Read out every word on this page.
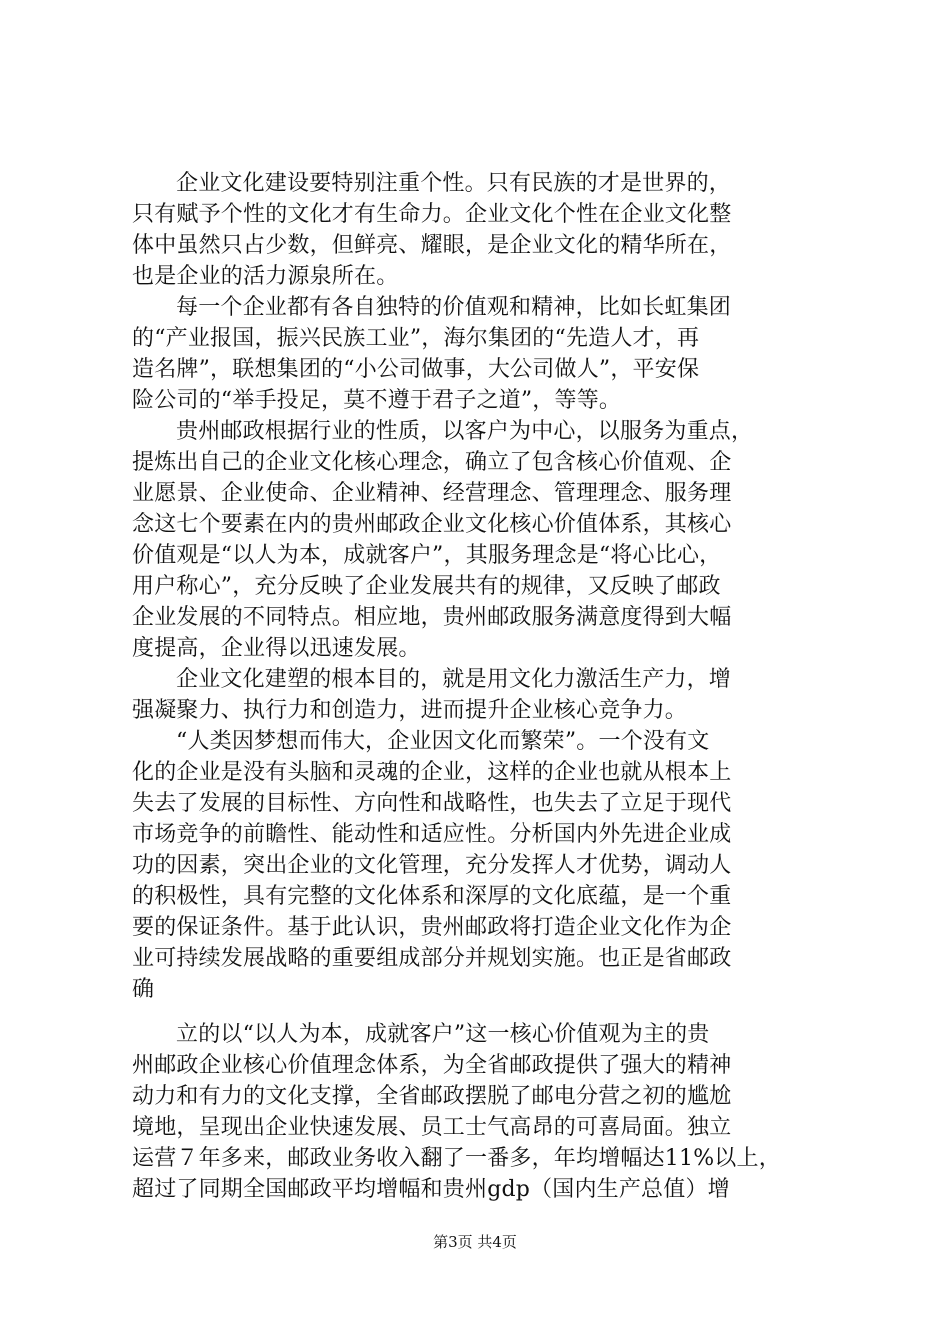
企业文化建设要特别注重个性。只有民族的才是世界的，
只有赋予个性的文化才有生命力。企业文化个性在企业文化整
体中虽然只占少数，但鲜亮、耀眼，是企业文化的精华所在，
也是企业的活力源泉所在。
每一个企业都有各自独特的价值观和精神，比如长虹集团
的“产业报国，振兴民族工业”，海尔集团的“先造人才，再
造名牌”，联想集团的“小公司做事，大公司做人”，平安保
险公司的“举手投足，莫不遵于君子之道”，等等。
贵州邮政根据行业的性质，以客户为中心，以服务为重点，
提炼出自己的企业文化核心理念，确立了包含核心价值观、企
业愿景、企业使命、企业精神、经营理念、管理理念、服务理
念这七个要素在内的贵州邮政企业文化核心价值体系，其核心
价值观是“以人为本，成就客户”，其服务理念是“将心比心，
用户称心”，充分反映了企业发展共有的规律，又反映了邮政
企业发展的不同特点。相应地，贵州邮政服务满意度得到大幅
度提高，企业得以迅速发展。
企业文化建塑的根本目的，就是用文化力激活生产力，增
强凝聚力、执行力和创造力，进而提升企业核心竞争力。
“人类因梦想而伟大，企业因文化而繁荣”。一个没有文
化的企业是没有头脑和灵魂的企业，这样的企业也就从根本上
失去了发展的目标性、方向性和战略性，也失去了立足于现代
市场竞争的前瞻性、能动性和适应性。分析国内外先进企业成
功的因素，突出企业的文化管理，充分发挥人才优势，调动人
的积极性，具有完整的文化体系和深厚的文化底蕴，是一个重
要的保证条件。基于此认识，贵州邮政将打造企业文化作为企
业可持续发展战略的重要组成部分并规划实施。也正是省邮政
确
立的以“以人为本，成就客户”这一核心价值观为主的贵
州邮政企业核心价值理念体系，为全省邮政提供了强大的精神
动力和有力的文化支撑，全省邮政摆脱了邮电分营之初的尴尬
境地，呈现出企业快速发展、员工士气高昂的可喜局面。独立
运营７年多来，邮政业务收入翻了一番多，年均增幅达11%以上，
超过了同期全国邮政平均增幅和贵州gdp（国内生产总值）增
第3页 共4页
